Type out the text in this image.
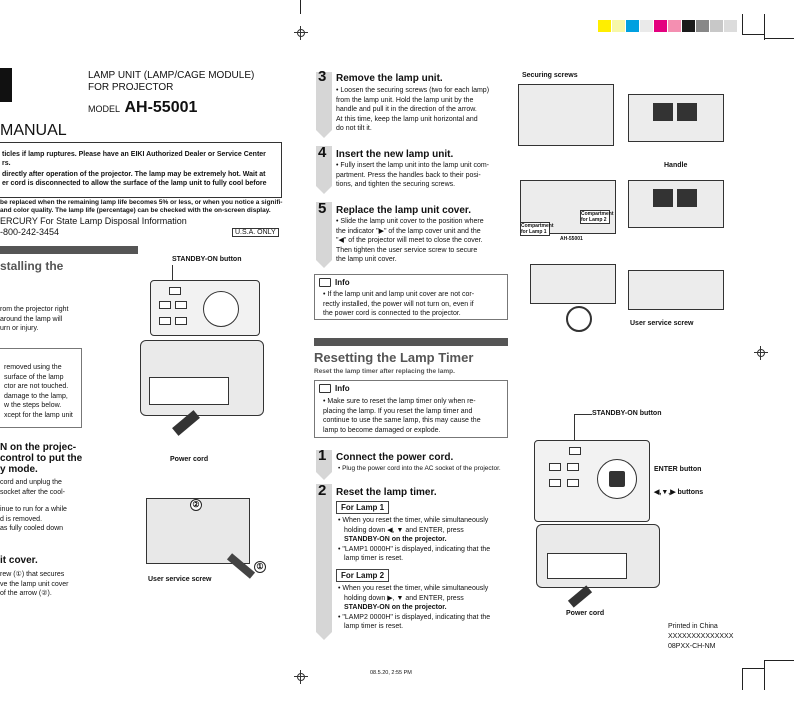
LAMP UNIT (LAMP/CAGE MODULE)
FOR PROJECTOR
MODEL AH-55001
MANUAL
ticles if lamp ruptures. Please have an EIKI Authorized Dealer or Service Center
rs.
directly after operation of the projector. The lamp may be extremely hot. Wait at
er cord is disconnected to allow the surface of the lamp unit to fully cool before
be replaced when the remaining lamp life becomes 5% or less, or when you notice a signifi-
and color quality. The lamp life (percentage) can be checked with the on-screen display.
ERCURY For State Lamp Disposal Information
-800-242-3454	U.S.A. ONLY
stalling the
rom the projector right
around the lamp will
urn or injury.
removed using the
surface of the lamp
ctor are not touched.
damage to the lamp,
w the steps below.
xcept for the lamp unit
N on the projec-
control to put the
y mode.
cord and unplug the
socket after the cool-
inue to run for a while
d is removed.
as fully cooled down
it cover.
rew (①) that secures
ve the lamp unit cover
of the arrow (②).
STANDBY-ON button
Power cord
②
①
User service screw
3 Remove the lamp unit.
• Loosen the securing screws (two for each lamp)
from the lamp unit. Hold the lamp unit by the
handle and pull it in the direction of the arrow.
At this time, keep the lamp unit horizontal and
do not tilt it.
4 Insert the new lamp unit.
• Fully insert the lamp unit into the lamp unit com-
partment. Press the handles back to their posi-
tions, and tighten the securing screws.
5 Replace the lamp unit cover.
• Slide the lamp unit cover to the position where
the indicator "▶" of the lamp cover unit and the
"◀" of the projector will meet to close the cover.
Then tighten the user service screw to secure
the lamp unit cover.
Info
• If the lamp unit and lamp unit cover are not cor-
rectly installed, the power will not turn on, even if
the power cord is connected to the projector.
Resetting the Lamp Timer
Reset the lamp timer after replacing the lamp.
Info
• Make sure to reset the lamp timer only when re-
placing the lamp. If you reset the lamp timer and
continue to use the same lamp, this may cause the
lamp to become damaged or explode.
1 Connect the power cord.
• Plug the power cord into the AC socket of the projector.
2 Reset the lamp timer.
For Lamp 1
• When you reset the timer, while simultaneously
holding down ◀, ▼ and ENTER, press
STANDBY-ON on the projector.
• "LAMP1 0000H" is displayed, indicating that the
lamp timer is reset.
For Lamp 2
• When you reset the timer, while simultaneously
holding down ▶, ▼ and ENTER, press
STANDBY-ON on the projector.
• "LAMP2 0000H" is displayed, indicating that the
lamp timer is reset.
Securing screws
Handle
Compartment for Lamp 1
Compartment for Lamp 2
AH-55001
User service screw
STANDBY-ON button
ENTER button
◀,▼,▶ buttons
Power cord
Printed in China
XXXXXXXXXXXXXX
08PXX-CH-NM
08.5.20, 2:55 PM
